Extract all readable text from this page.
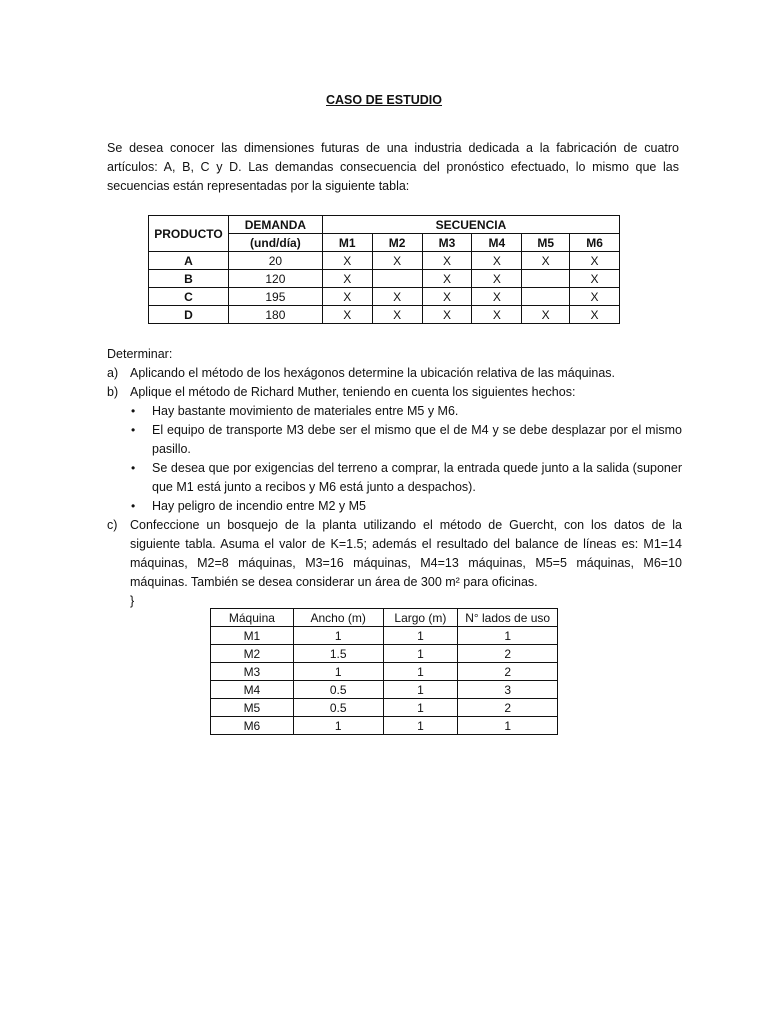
CASO DE ESTUDIO
Se desea conocer las dimensiones futuras de una industria dedicada a la fabricación de cuatro artículos: A, B, C y D. Las demandas consecuencia del pronóstico efectuado, lo mismo que las secuencias están representadas por la siguiente tabla:
PRODUCTO	DEMANDA	SECUENCIA					
	(und/día)	M1	M2	M3	M4	M5	M6
A	20	X	X	X	X	X	X
B	120	X		X	X		X
C	195	X	X	X	X		X
D	180	X	X	X	X	X	X
Determinar:
a) Aplicando el método de los hexágonos determine la ubicación relativa de las máquinas.
b) Aplique el método de Richard Muther, teniendo en cuenta los siguientes hechos:
• Hay bastante movimiento de materiales entre M5 y M6.
• El equipo de transporte M3 debe ser el mismo que el de M4 y se debe desplazar por el mismo pasillo.
• Se desea que por exigencias del terreno a comprar, la entrada quede junto a la salida (suponer que M1 está junto a recibos y M6 está junto a despachos).
• Hay peligro de incendio entre M2 y M5
c) Confeccione un bosquejo de la planta utilizando el método de Guercht, con los datos de la siguiente tabla. Asuma el valor de K=1.5; además el resultado del balance de líneas es: M1=14 máquinas, M2=8 máquinas, M3=16 máquinas, M4=13 máquinas, M5=5 máquinas, M6=10 máquinas. También se desea considerar un área de 300 m² para oficinas.
}
Máquina	Ancho (m)	Largo (m)	N° lados de uso
M1	1	1	1
M2	1.5	1	2
M3	1	1	2
M4	0.5	1	3
M5	0.5	1	2
M6	1	1	1
